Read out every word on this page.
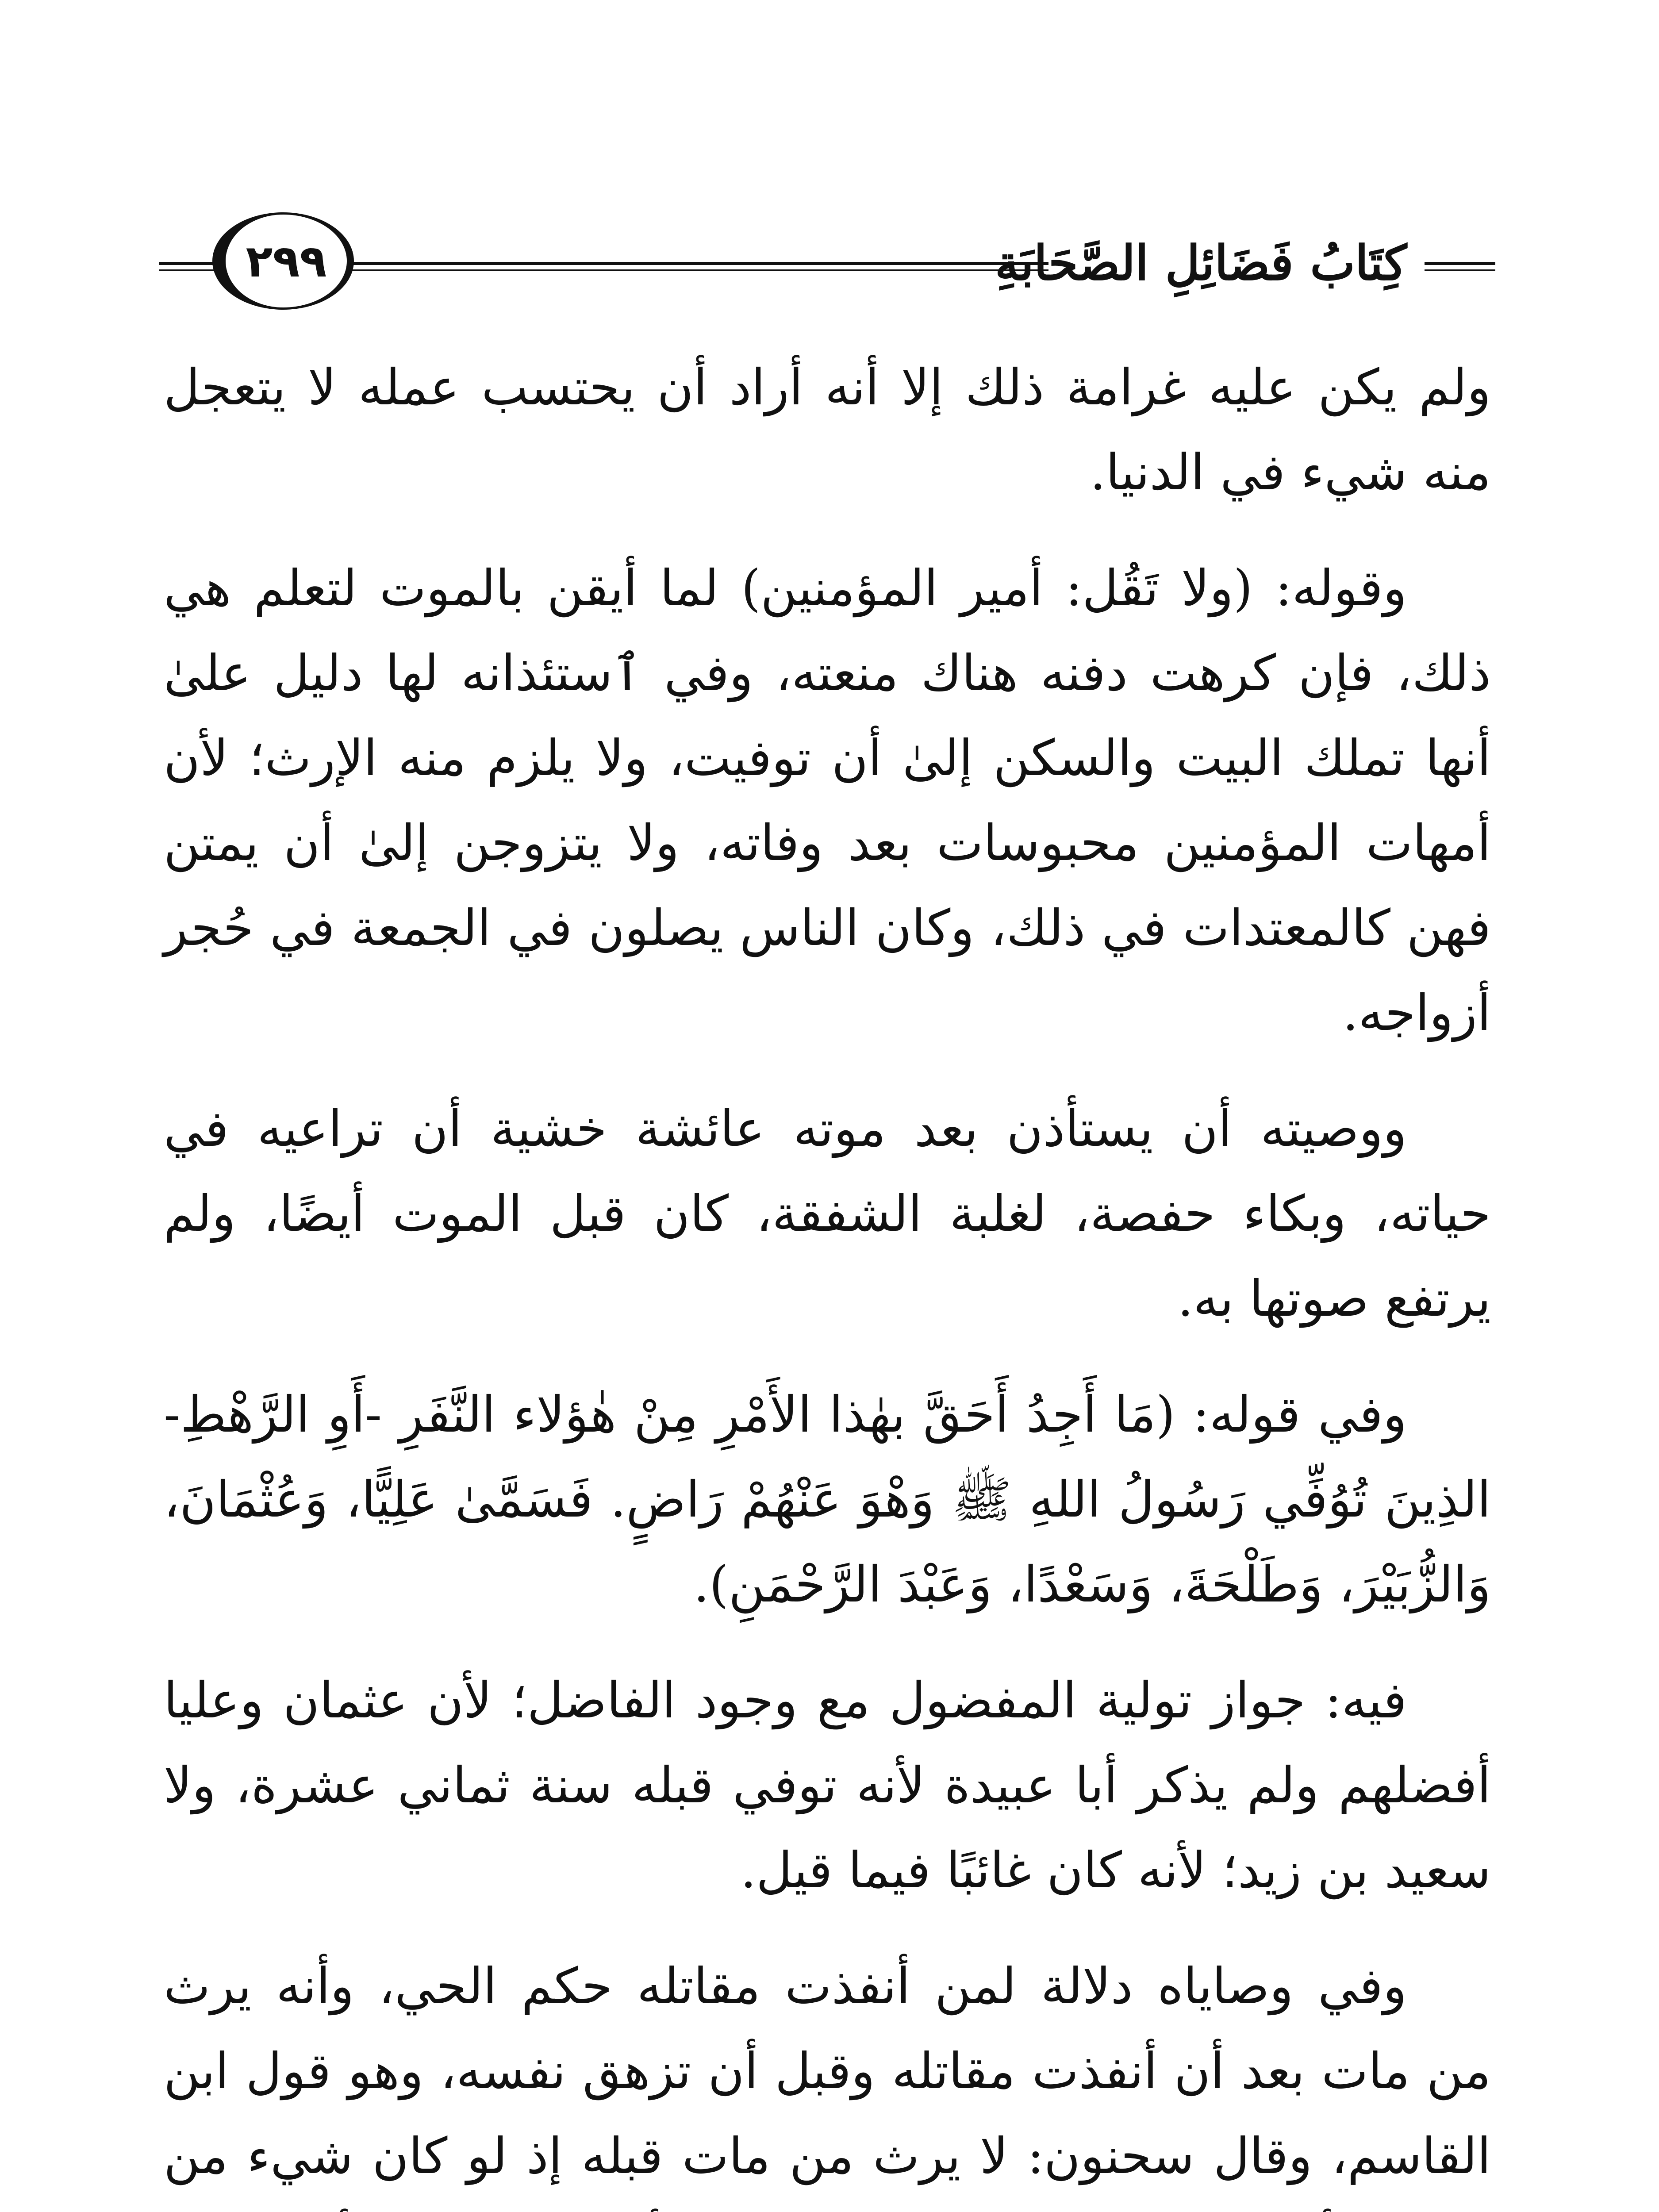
كِتَابُ فَضَائِلِ الصَّحَابَةِ
٢٩٩

ولم يكن عليه غرامة ذلك إلا أنه أراد أن يحتسب عمله لا يتعجل منه شيء في الدنيا.

وقوله: (ولا تَقُل: أمير المؤمنين) لما أيقن بالموت لتعلم هي ذلك، فإن كرهت دفنه هناك منعته، وفي ٱستئذانه لها دليل علىٰ أنها تملك البيت والسكن إلىٰ أن توفيت، ولا يلزم منه الإرث؛ لأن أمهات المؤمنين محبوسات بعد وفاته، ولا يتزوجن إلىٰ أن يمتن فهن كالمعتدات في ذلك، وكان الناس يصلون في الجمعة في حُجر أزواجه.

ووصيته أن يستأذن بعد موته عائشة خشية أن تراعيه في حياته، وبكاء حفصة، لغلبة الشفقة، كان قبل الموت أيضًا، ولم يرتفع صوتها به.

وفي قوله: (مَا أَجِدُ أَحَقَّ بهٰذا الأَمْرِ مِنْ هٰؤلاء النَّفَرِ -أَوِ الرَّهْطِ- الذِينَ تُوُفِّي رَسُولُ اللهِ ﷺ وَهْوَ عَنْهُمْ رَاضٍ. فَسَمَّىٰ عَلِيًّا، وَعُثْمَانَ، وَالزُّبَيْرَ، وَطَلْحَةَ، وَسَعْدًا، وَعَبْدَ الرَّحْمَنِ).

فيه: جواز تولية المفضول مع وجود الفاضل؛ لأن عثمان وعليا أفضلهم ولم يذكر أبا عبيدة لأنه توفي قبله سنة ثماني عشرة، ولا سعيد بن زيد؛ لأنه كان غائبًا فيما قيل.

وفي وصاياه دلالة لمن أنفذت مقاتله حكم الحي، وأنه يرث من مات بعد أن أنفذت مقاتله وقبل أن تزهق نفسه، وهو قول ابن القاسم، وقال سحنون: لا يرث من مات قبله إذ لو كان شيء من
